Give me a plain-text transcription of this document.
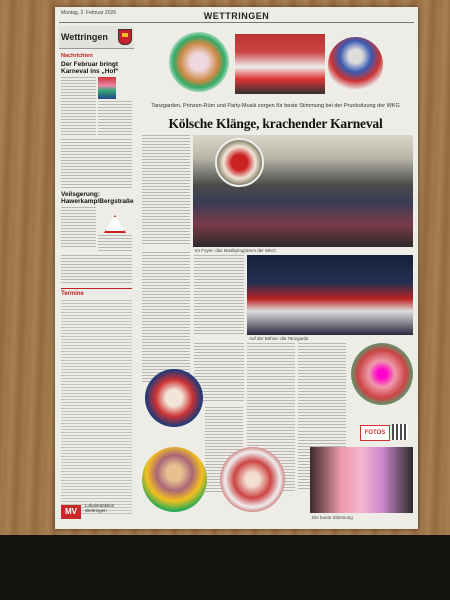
Montag, 2. Februar 2026	WETTRINGEN
Wettringen
Nachrichten
Der Februar bringt Karneval ins „Hof“
Veilsgerung: Hawerkamp/Bergstraße
Termine
MV
Lokalredaktion Wettringen
Tanzgarden, Prinzen-Rüm und Party-Musik sorgen für beste Stimmung bei der Prunksitzung der WKG
Kölsche Klänge, krachender Karneval
Im Foyer: das Musikprogramm der WKG
Auf der Bühne: die Tanzgarde
FOTOS
Die bunte Stimmung
